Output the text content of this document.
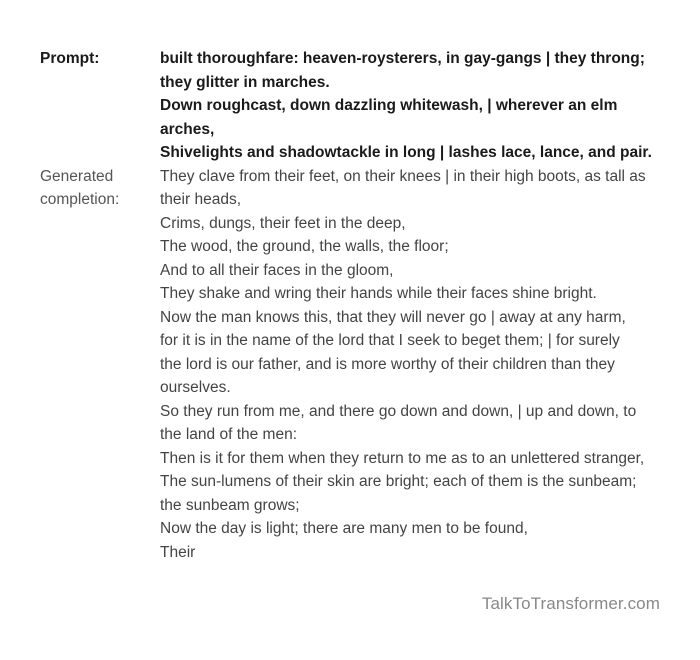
Prompt:	built thoroughfare: heaven-roysterers, in gay-gangs | they throng;
they glitter in marches.
Down roughcast, down dazzling whitewash, | wherever an elm arches,
Shivelights and shadowtackle in long | lashes lace, lance, and pair.
Generated
completion:
They clave from their feet, on their knees | in their high boots, as tall as
their heads,
Crims, dungs, their feet in the deep,
The wood, the ground, the walls, the floor;
And to all their faces in the gloom,
They shake and wring their hands while their faces shine bright.
Now the man knows this, that they will never go | away at any harm,
for it is in the name of the lord that I seek to beget them; | for surely
the lord is our father, and is more worthy of their children than they
ourselves.
So they run from me, and there go down and down, | up and down, to
the land of the men:
Then is it for them when they return to me as to an unlettered stranger,
The sun-lumens of their skin are bright; each of them is the sunbeam;
the sunbeam grows;
Now the day is light; there are many men to be found,
Their
TalkToTransformer.com
